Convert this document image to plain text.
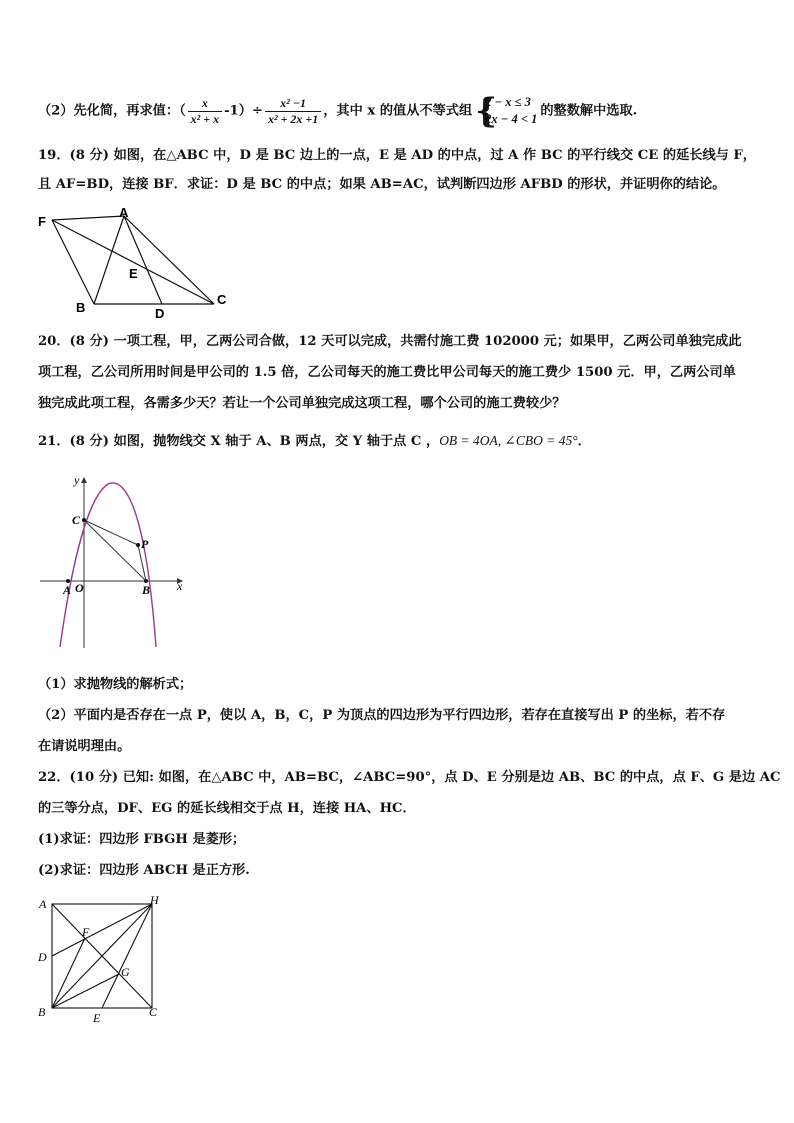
（2）先化简，再求值：（ $\frac{x}{\text{x² + x}} -1)\div \frac{\text{x² −1}}{\text{x² + 2x +1}}$ ，其中 x 的值从不等式组 {
2 − x ≤ 3
2x − 4 < 1
的整数解中选取.
19．(8 分) 如图，在△ABC 中，D 是 BC 边上的一点，E 是 AD 的中点，过 A 作 BC 的平行线交 CE 的延长线与 F，
且 AF=BD，连接 BF．求证：D 是 BC 的中点；如果 AB=AC，试判断四边形 AFBD 的形状，并证明你的结论。
F
A
E
B	D
C
20．(8 分) 一项工程，甲，乙两公司合做，12 天可以完成，共需付施工费 102000 元；如果甲，乙两公司单独完成此
项工程，乙公司所用时间是甲公司的 1.5 倍，乙公司每天的施工费比甲公司每天的施工费少 1500 元．甲，乙两公司单
独完成此项工程，各需多少天？若让一个公司单独完成这项工程，哪个公司的施工费较少？
21．(8 分) 如图，抛物线交 X 轴于 A、B 两点，交 Y 轴于点 C ，OB = 4OA, ∠CBO = 45°．
y
x
C
P
A O	B
（1）求抛物线的解析式；
（2）平面内是否存在一点 P，使以 A，B，C，P 为顶点的四边形为平行四边形，若存在直接写出 P 的坐标，若不存
在请说明理由。
22．(10 分) 已知: 如图，在△ABC 中，AB=BC，∠ABC=90°，点 D、E 分别是边 AB、BC 的中点，点 F、G 是边 AC
的三等分点，DF、EG 的延长线相交于点 H，连接 HA、HC．
(1)求证：四边形 FBGH 是菱形；
(2)求证：四边形 ABCH 是正方形.
A	H
F
D
G
B	E	C
